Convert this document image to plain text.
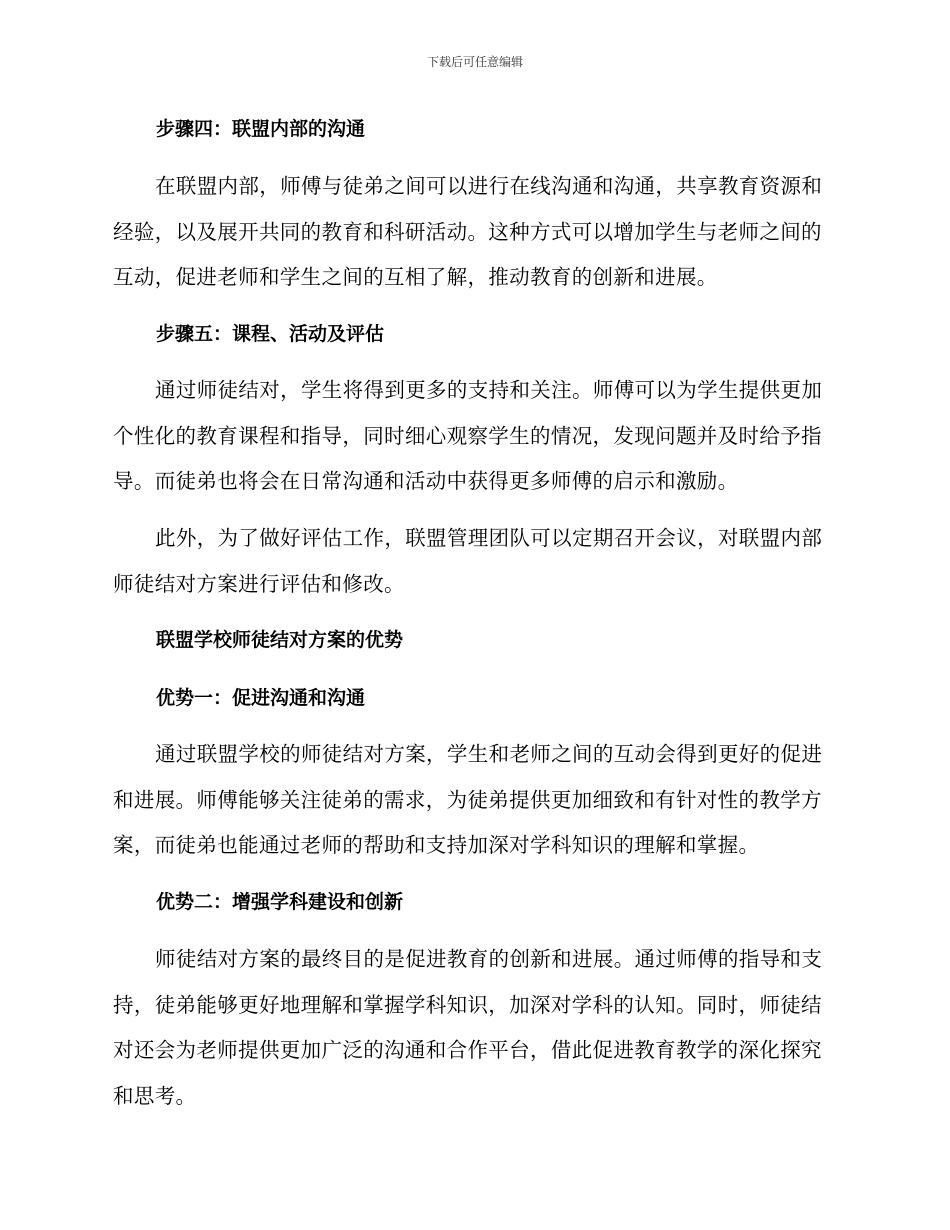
下载后可任意编辑
步骤四：联盟内部的沟通
在联盟内部，师傅与徒弟之间可以进行在线沟通和沟通，共享教育资源和经验，以及展开共同的教育和科研活动。这种方式可以增加学生与老师之间的互动，促进老师和学生之间的互相了解，推动教育的创新和进展。
步骤五：课程、活动及评估
通过师徒结对，学生将得到更多的支持和关注。师傅可以为学生提供更加个性化的教育课程和指导，同时细心观察学生的情况，发现问题并及时给予指导。而徒弟也将会在日常沟通和活动中获得更多师傅的启示和激励。
此外，为了做好评估工作，联盟管理团队可以定期召开会议，对联盟内部师徒结对方案进行评估和修改。
联盟学校师徒结对方案的优势
优势一：促进沟通和沟通
通过联盟学校的师徒结对方案，学生和老师之间的互动会得到更好的促进和进展。师傅能够关注徒弟的需求，为徒弟提供更加细致和有针对性的教学方案，而徒弟也能通过老师的帮助和支持加深对学科知识的理解和掌握。
优势二：增强学科建设和创新
师徒结对方案的最终目的是促进教育的创新和进展。通过师傅的指导和支持，徒弟能够更好地理解和掌握学科知识，加深对学科的认知。同时，师徒结对还会为老师提供更加广泛的沟通和合作平台，借此促进教育教学的深化探究和思考。
